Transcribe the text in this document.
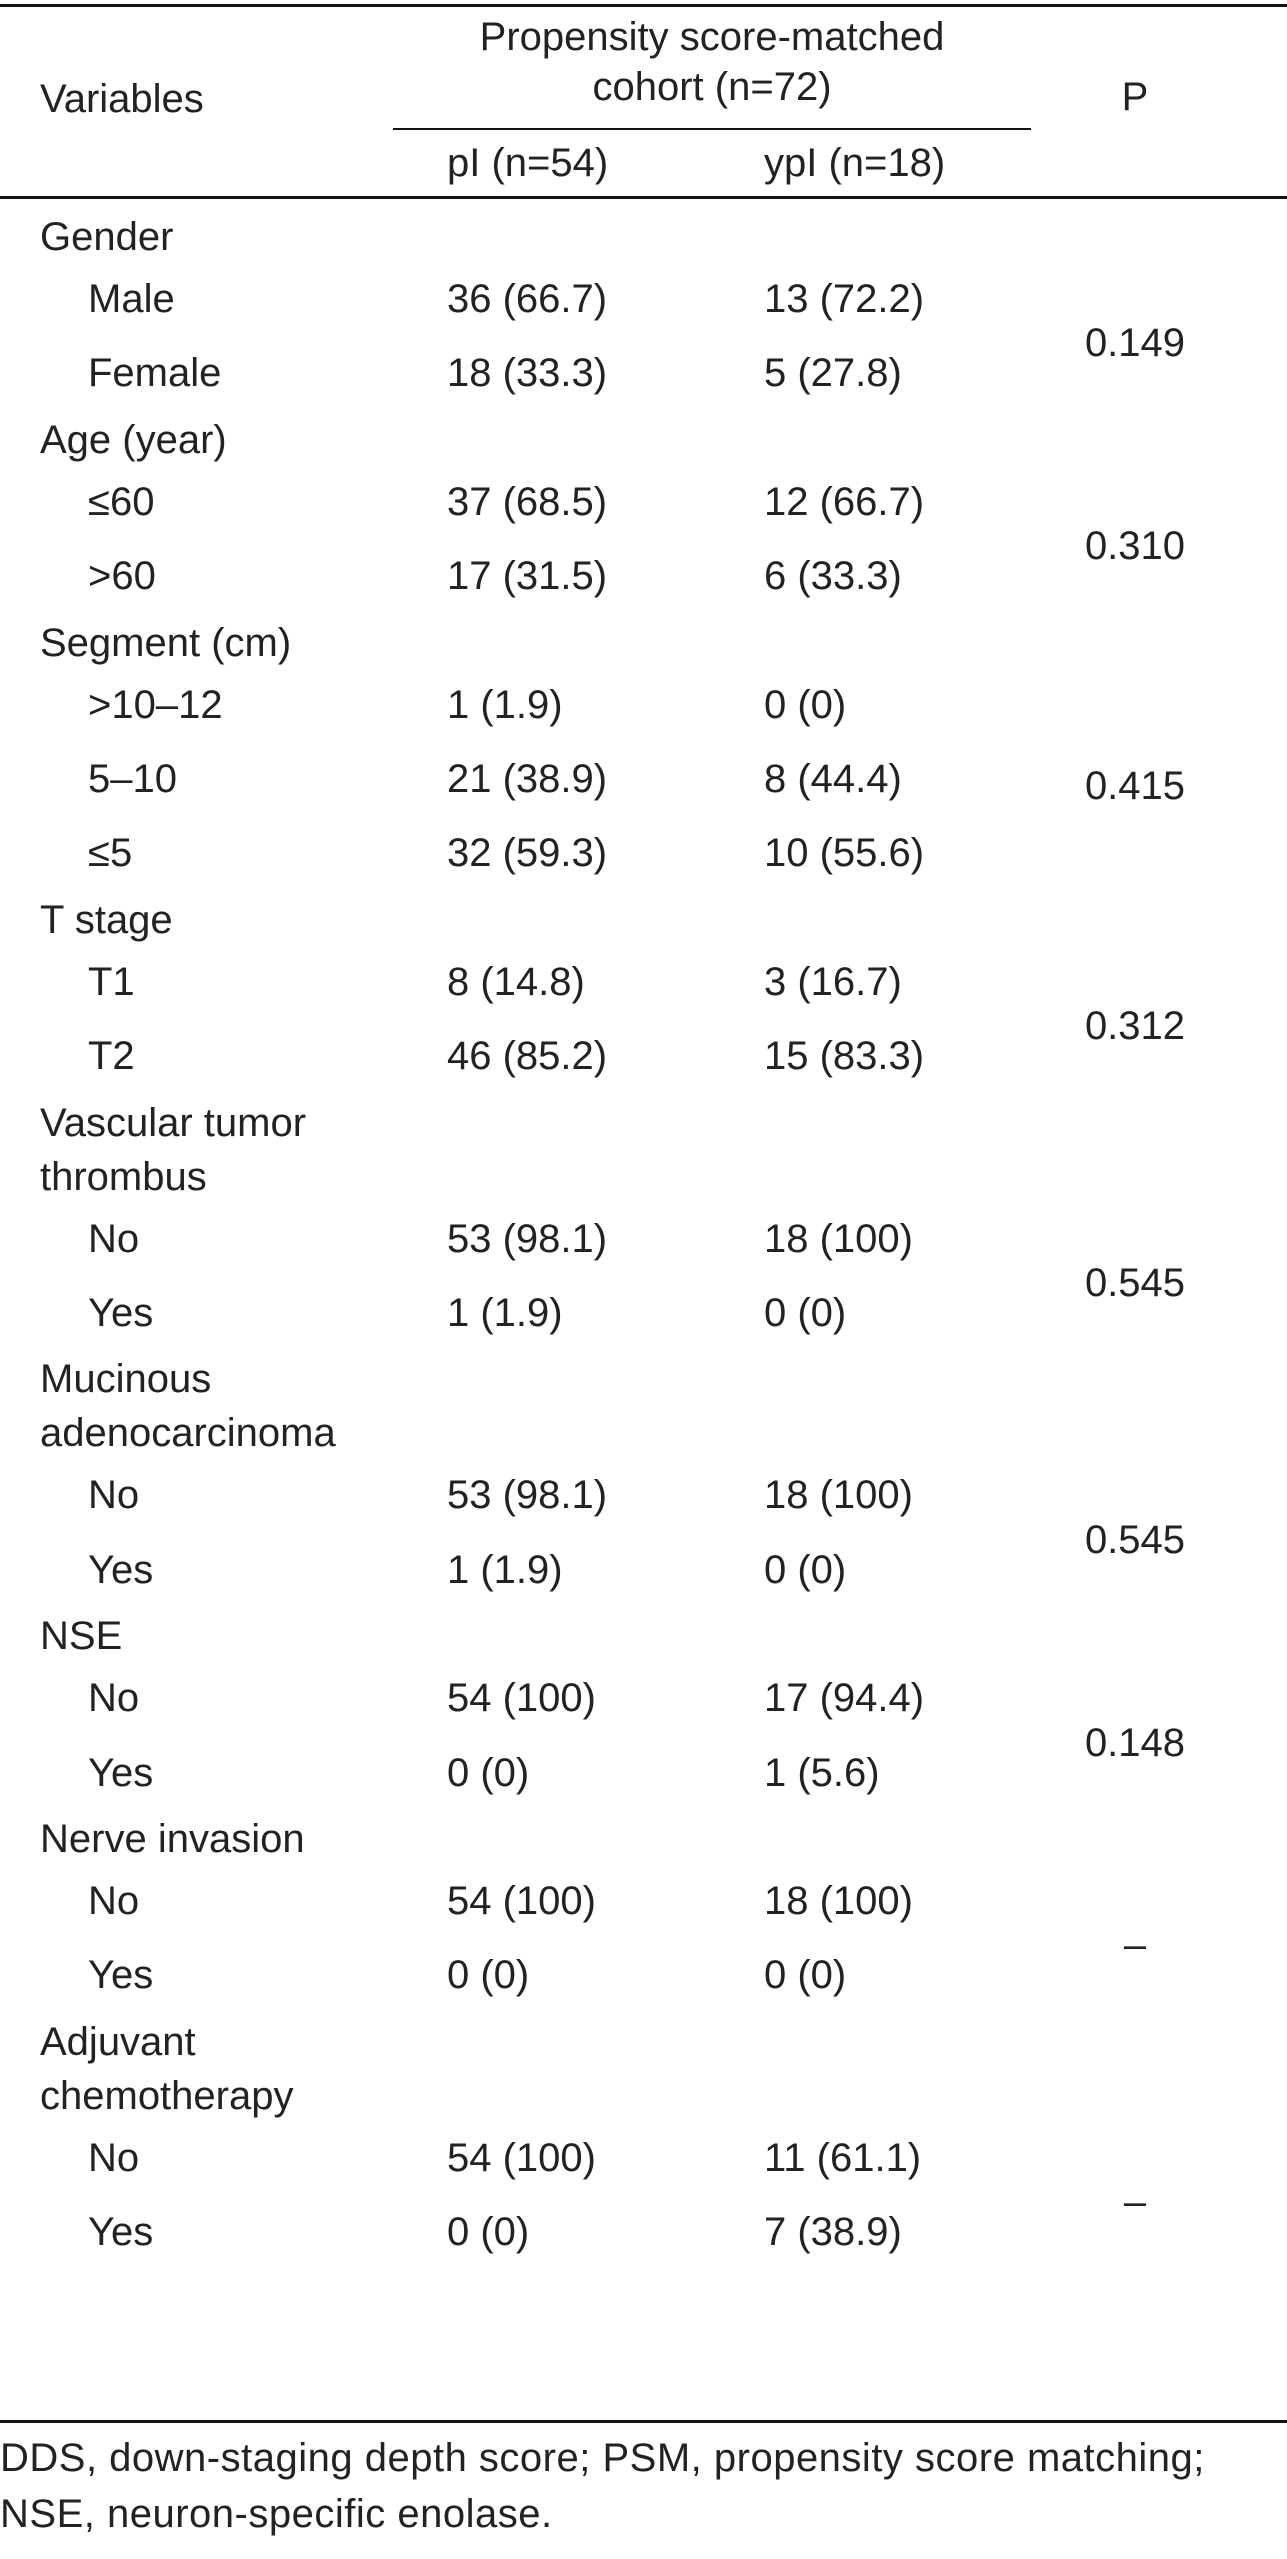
Variables
Propensity score-matched
cohort (n=72)
pI (n=54)	ypI (n=18)
P
Gender
Male	36 (66.7)	13 (72.2)
Female	18 (33.3)	5 (27.8)
0.149
Age (year)
≤60	37 (68.5)	12 (66.7)
>60	17 (31.5)	6 (33.3)
0.310
Segment (cm)
>10–12	1 (1.9)	0 (0)
5–10	21 (38.9)	8 (44.4)
≤5	32 (59.3)	10 (55.6)
0.415
T stage
T1	8 (14.8)	3 (16.7)
T2	46 (85.2)	15 (83.3)
0.312
Vascular tumor
thrombus
No	53 (98.1)	18 (100)
Yes	1 (1.9)	0 (0)
0.545
Mucinous
adenocarcinoma
No	53 (98.1)	18 (100)
Yes	1 (1.9)	0 (0)
0.545
NSE
No	54 (100)	17 (94.4)
Yes	0 (0)	1 (5.6)
0.148
Nerve invasion
No	54 (100)	18 (100)
Yes	0 (0)	0 (0)
–
Adjuvant
chemotherapy
No	54 (100)	11 (61.1)
Yes	0 (0)	7 (38.9)
–
DDS, down-staging depth score; PSM, propensity score matching; NSE, neuron-specific enolase.
